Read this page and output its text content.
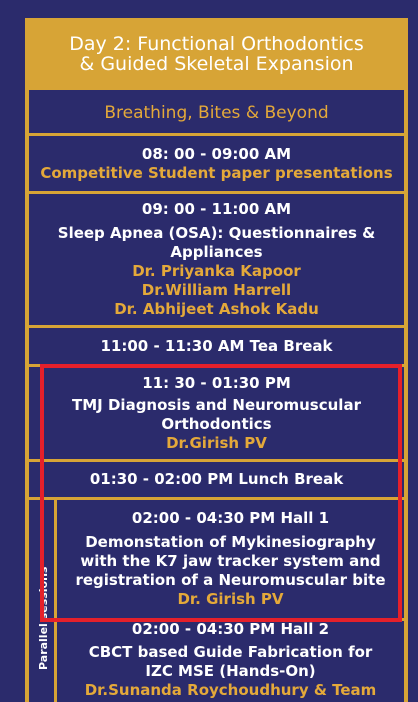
Day 2: Functional Orthodontics
& Guided Skeletal Expansion
Breathing, Bites & Beyond
08: 00 - 09:00 AM
Competitive Student paper presentations
09: 00 - 11:00 AM
Sleep Apnea (OSA): Questionnaires &
Appliances
Dr. Priyanka Kapoor
Dr.William Harrell
Dr. Abhijeet Ashok Kadu
11:00 - 11:30 AM Tea Break
11: 30 - 01:30 PM
TMJ Diagnosis and Neuromuscular
Orthodontics
Dr.Girish PV
01:30 - 02:00 PM Lunch Break
Parallel sessions
02:00 - 04:30 PM Hall 1
Demonstation of Mykinesiography
with the K7 jaw tracker system and
registration of a Neuromuscular bite
Dr. Girish PV
02:00 - 04:30 PM Hall 2
CBCT based Guide Fabrication for
IZC MSE (Hands-On)
Dr.Sunanda Roychoudhury & Team
